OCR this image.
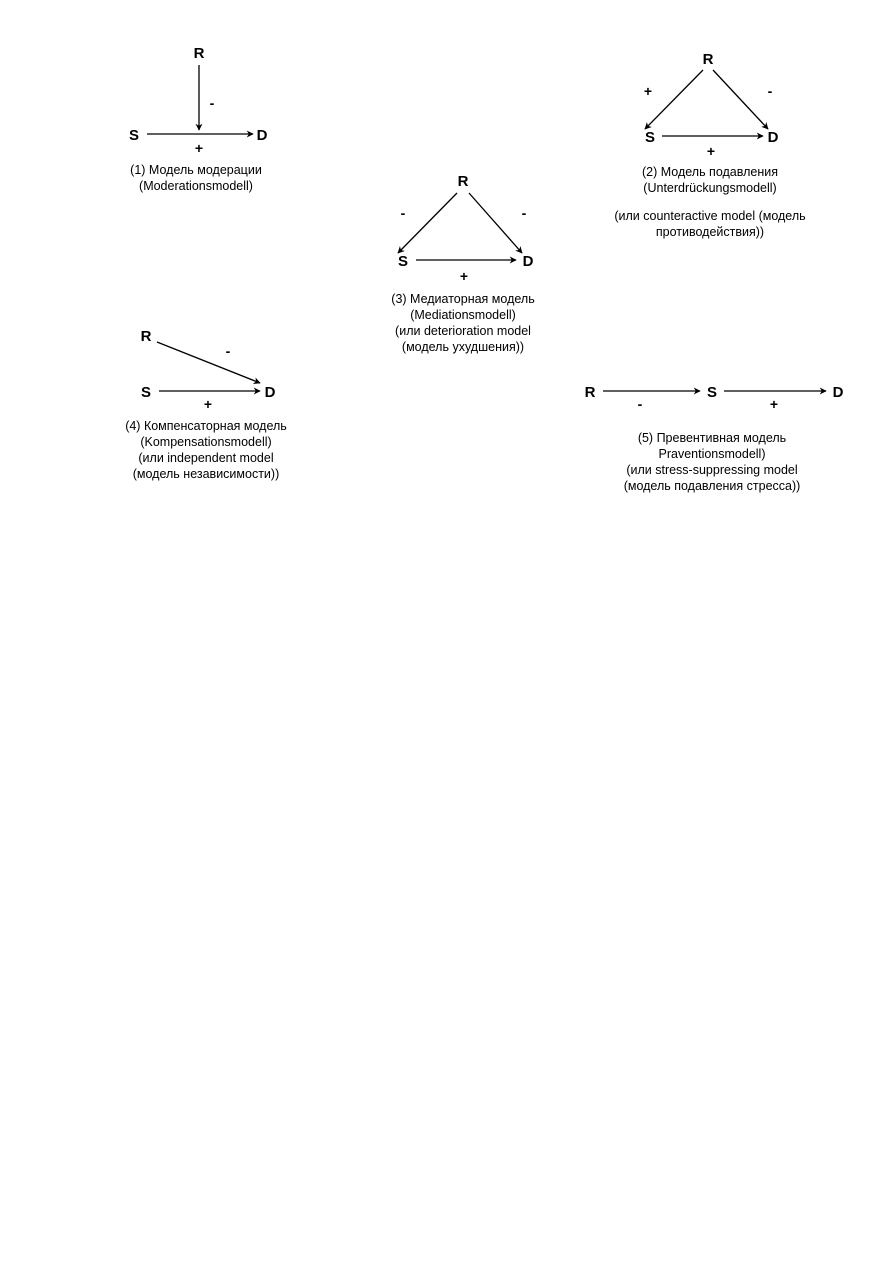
R
S	D
-
+
(1) Модель модерации
(Moderationsmodell)
R
S	D
+	-
+
(2) Модель подавления
(Unterdrückungsmodell)
(или counteractive model (модель
противодействия))
R
S	D
-	-
+
(3) Медиаторная модель
(Mediationsmodell)
(или deterioration model
(модель ухудшения))
R
S	D
-
+
(4) Компенсаторная модель
(Kompensationsmodell)
(или independent model
(модель независимости))
R	S	D
-	+
(5) Превентивная модель
Praventionsmodell)
(или stress-suppressing model
(модель подавления стресса))
